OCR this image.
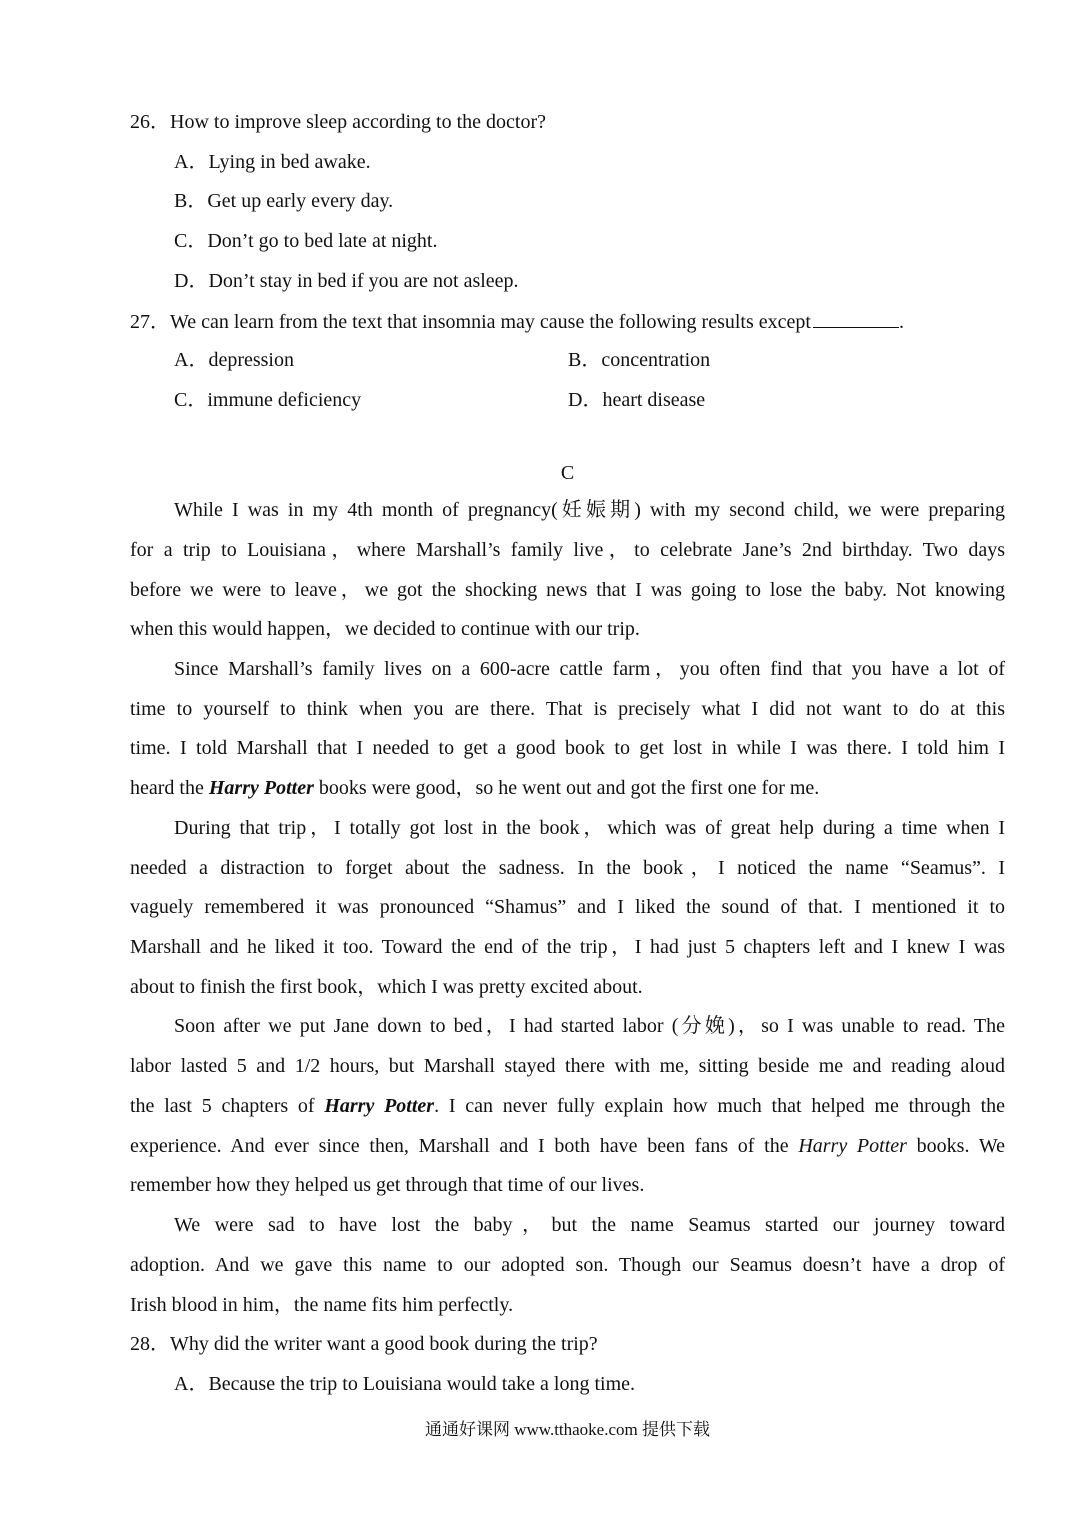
26．How to improve sleep according to the doctor?
A．Lying in bed awake.
B．Get up early every day.
C．Don’t go to bed late at night.
D．Don’t stay in bed if you are not asleep.
27．We can learn from the text that insomnia may cause the following results except	.
A．depression	B．concentration
C．immune deficiency	D．heart disease
C
While I was in my 4th month of pregnancy(妊娠期) with my second child, we were preparing
for a trip to Louisiana，where Marshall’s family live，to celebrate Jane’s 2nd birthday. Two days
before we were to leave，we got the shocking news that I was going to lose the baby. Not knowing
when this would happen，we decided to continue with our trip.
Since Marshall’s family lives on a 600-acre cattle farm，you often find that you have a lot of
time to yourself to think when you are there. That is precisely what I did not want to do at this
time. I told Marshall that I needed to get a good book to get lost in while I was there. I told him I
heard the Harry Potter books were good，so he went out and got the first one for me.
During that trip，I totally got lost in the book，which was of great help during a time when I
needed a distraction to forget about the sadness. In the book，I noticed the name “Seamus”. I
vaguely remembered it was pronounced “Shamus” and I liked the sound of that. I mentioned it to
Marshall and he liked it too. Toward the end of the trip，I had just 5 chapters left and I knew I was
about to finish the first book，which I was pretty excited about.
Soon after we put Jane down to bed，I had started labor (分娩)，so I was unable to read. The
labor lasted 5 and 1/2 hours, but Marshall stayed there with me, sitting beside me and reading aloud
the last 5 chapters of Harry Potter. I can never fully explain how much that helped me through the
experience. And ever since then, Marshall and I both have been fans of the Harry Potter books. We
remember how they helped us get through that time of our lives.
We were sad to have lost the baby，but the name Seamus started our journey toward
adoption. And we gave this name to our adopted son. Though our Seamus doesn’t have a drop of
Irish blood in him，the name fits him perfectly.
28．Why did the writer want a good book during the trip?
A．Because the trip to Louisiana would take a long time.
通通好课网 www.tthaoke.com 提供下载
